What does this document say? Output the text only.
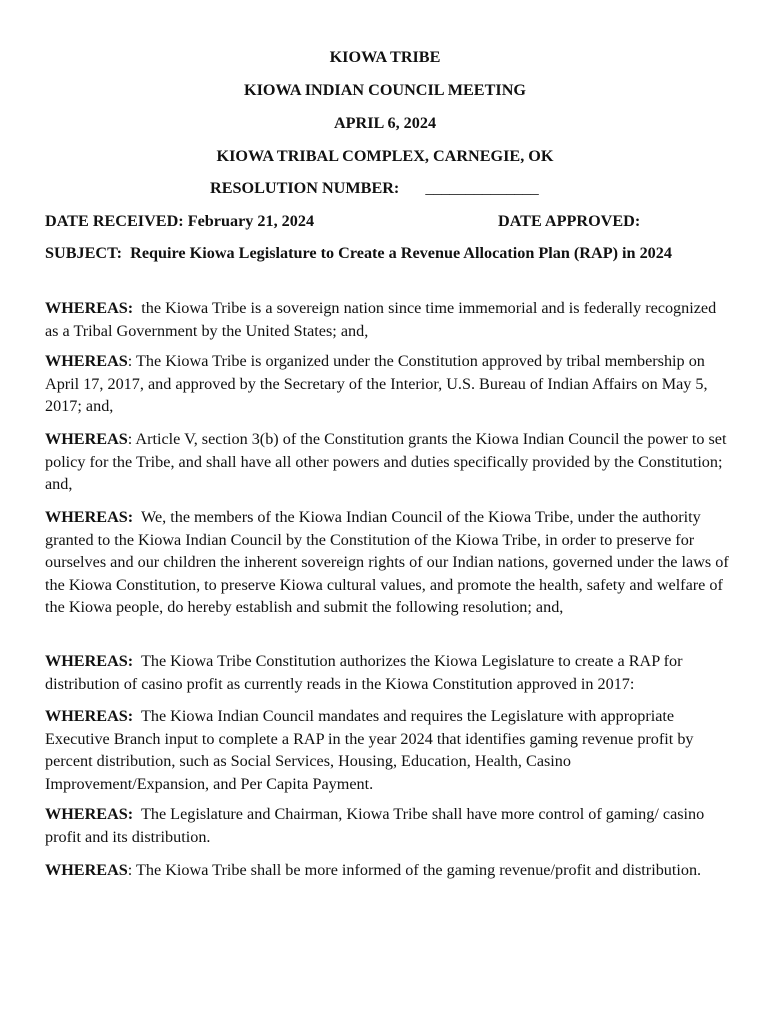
KIOWA TRIBE
KIOWA INDIAN COUNCIL MEETING
APRIL 6, 2024
KIOWA TRIBAL COMPLEX, CARNEGIE, OK
RESOLUTION NUMBER: ______________
DATE RECEIVED: February 21, 2024	DATE APPROVED:

SUBJECT: Require Kiowa Legislature to Create a Revenue Allocation Plan (RAP) in 2024

WHEREAS: the Kiowa Tribe is a sovereign nation since time immemorial and is federally recognized as a Tribal Government by the United States; and,

WHEREAS: The Kiowa Tribe is organized under the Constitution approved by tribal membership on April 17, 2017, and approved by the Secretary of the Interior, U.S. Bureau of Indian Affairs on May 5, 2017; and,

WHEREAS: Article V, section 3(b) of the Constitution grants the Kiowa Indian Council the power to set policy for the Tribe, and shall have all other powers and duties specifically provided by the Constitution; and,

WHEREAS: We, the members of the Kiowa Indian Council of the Kiowa Tribe, under the authority granted to the Kiowa Indian Council by the Constitution of the Kiowa Tribe, in order to preserve for ourselves and our children the inherent sovereign rights of our Indian nations, governed under the laws of the Kiowa Constitution, to preserve Kiowa cultural values, and promote the health, safety and welfare of the Kiowa people, do hereby establish and submit the following resolution; and,

WHEREAS: The Kiowa Tribe Constitution authorizes the Kiowa Legislature to create a RAP for distribution of casino profit as currently reads in the Kiowa Constitution approved in 2017:

WHEREAS: The Kiowa Indian Council mandates and requires the Legislature with appropriate Executive Branch input to complete a RAP in the year 2024 that identifies gaming revenue profit by percent distribution, such as Social Services, Housing, Education, Health, Casino Improvement/Expansion, and Per Capita Payment.

WHEREAS: The Legislature and Chairman, Kiowa Tribe shall have more control of gaming/ casino profit and its distribution.

WHEREAS: The Kiowa Tribe shall be more informed of the gaming revenue/profit and distribution.
